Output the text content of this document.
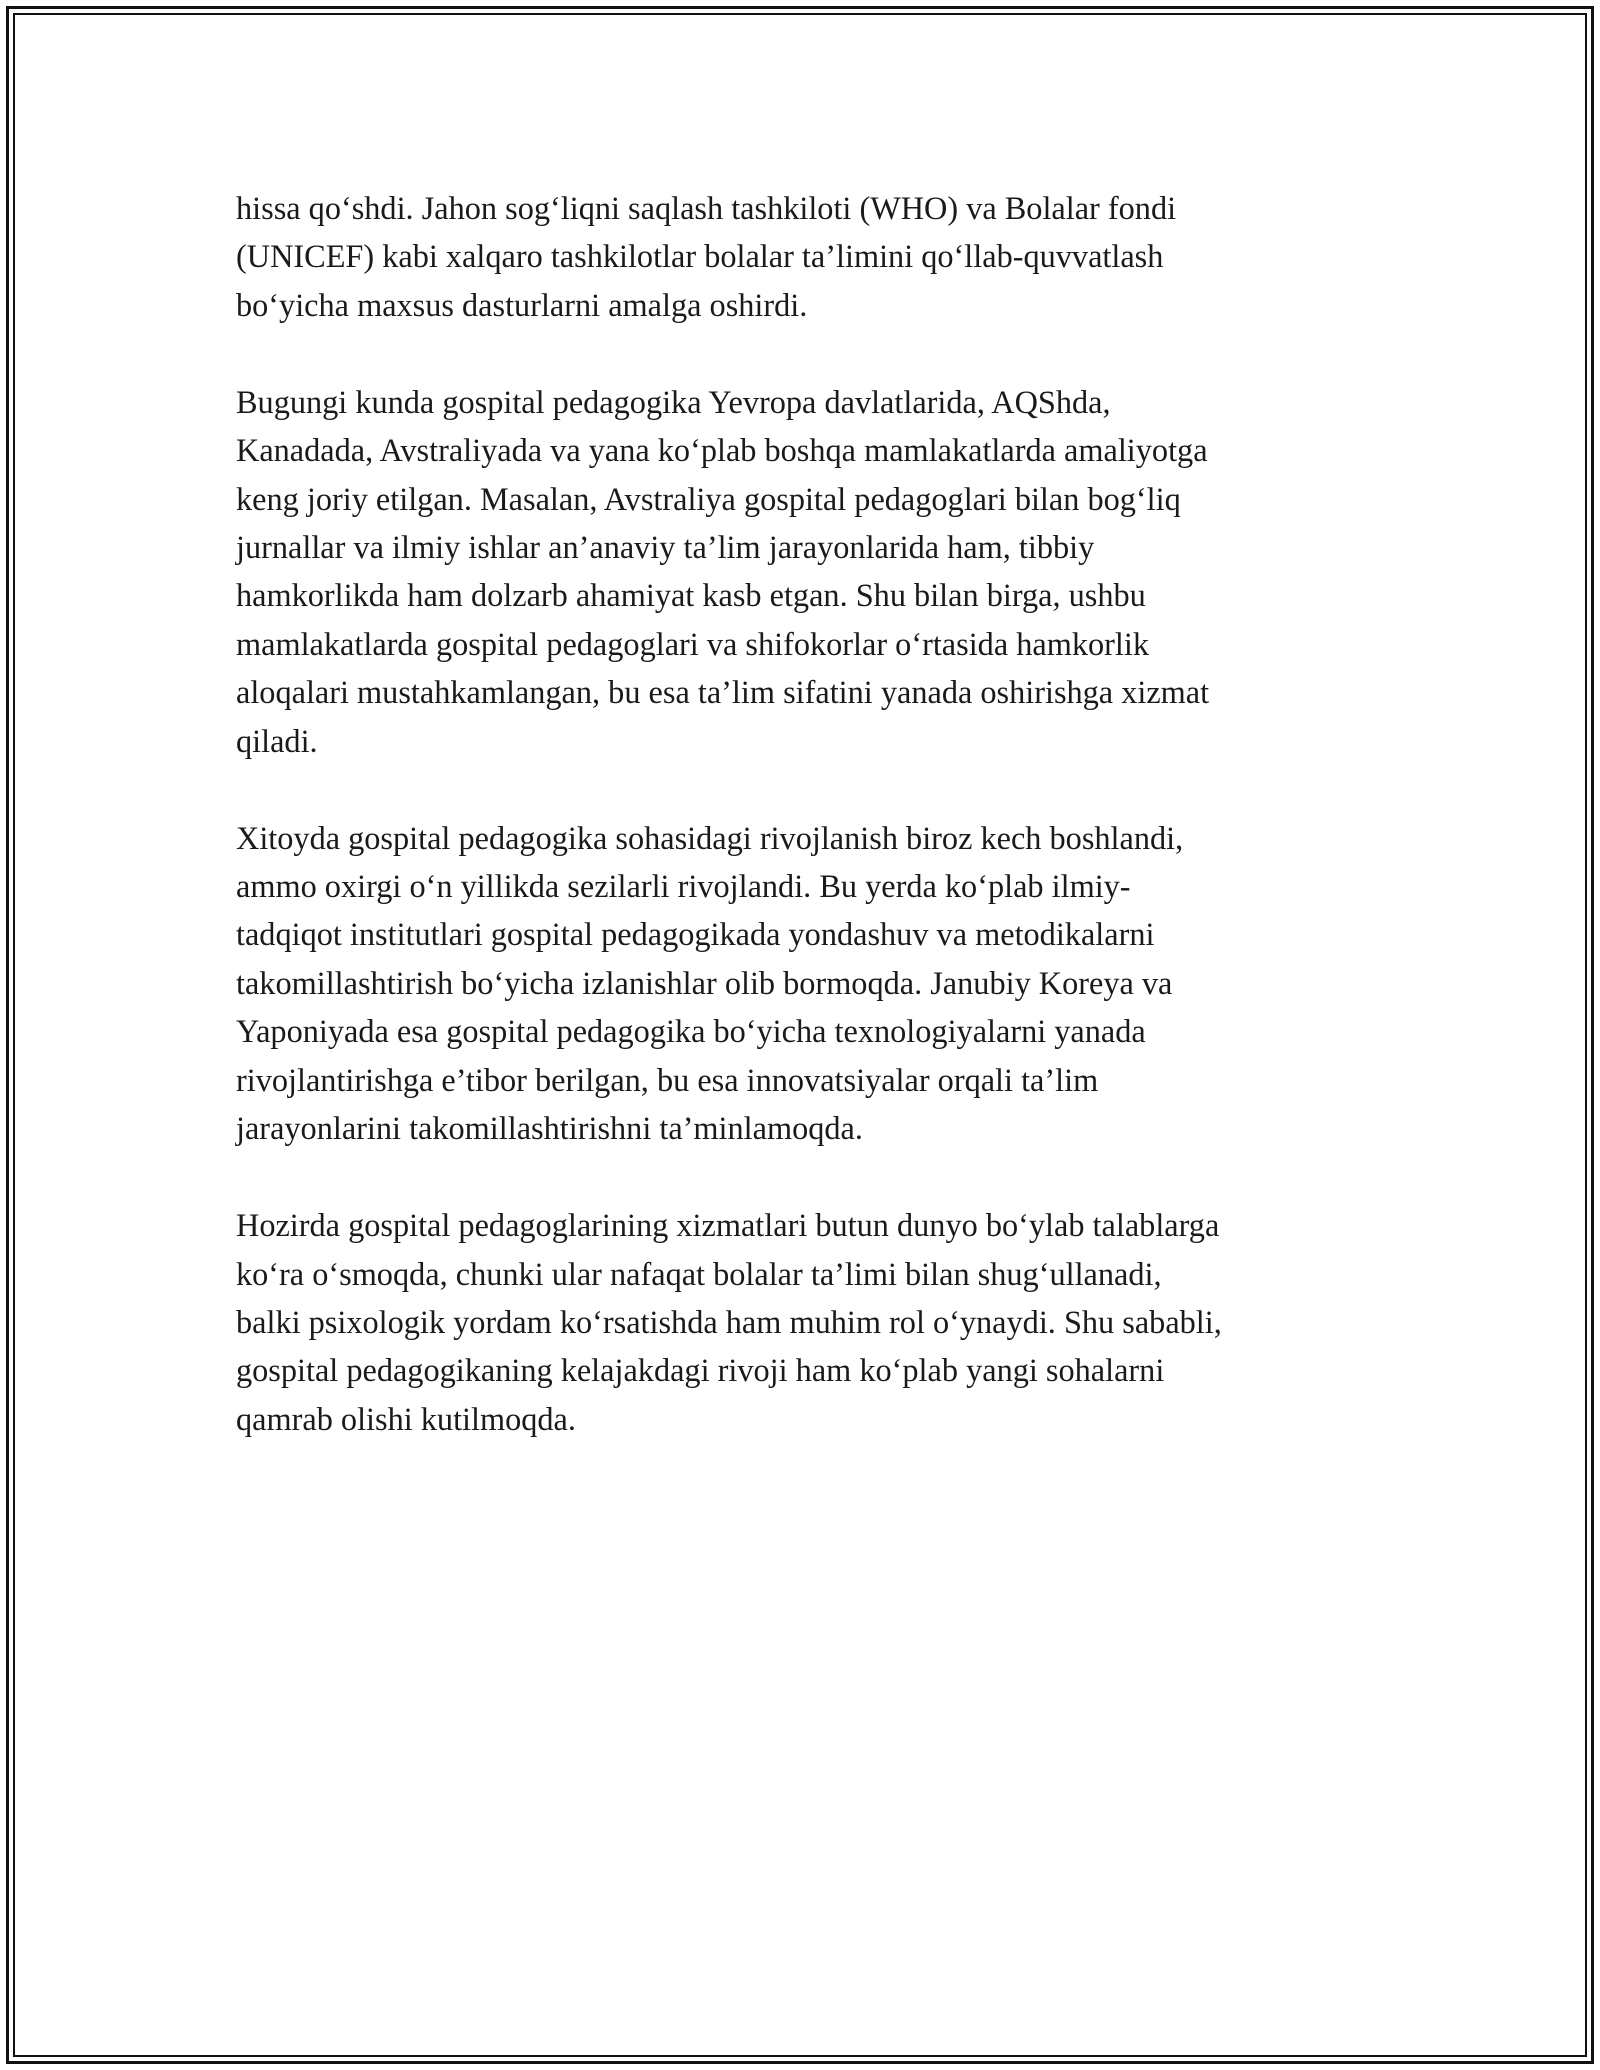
hissa qo‘shdi. Jahon sog‘liqni saqlash tashkiloti (WHO) va Bolalar fondi
(UNICEF) kabi xalqaro tashkilotlar bolalar ta’limini qo‘llab-quvvatlash
bo‘yicha maxsus dasturlarni amalga oshirdi.
Bugungi kunda gospital pedagogika Yevropa davlatlarida, AQShda,
Kanadada, Avstraliyada va yana ko‘plab boshqa mamlakatlarda amaliyotga
keng joriy etilgan. Masalan, Avstraliya gospital pedagoglari bilan bog‘liq
jurnallar va ilmiy ishlar an’anaviy ta’lim jarayonlarida ham, tibbiy
hamkorlikda ham dolzarb ahamiyat kasb etgan. Shu bilan birga, ushbu
mamlakatlarda gospital pedagoglari va shifokorlar o‘rtasida hamkorlik
aloqalari mustahkamlangan, bu esa ta’lim sifatini yanada oshirishga xizmat
qiladi.
Xitoyda gospital pedagogika sohasidagi rivojlanish biroz kech boshlandi,
ammo oxirgi o‘n yillikda sezilarli rivojlandi. Bu yerda ko‘plab ilmiy-
tadqiqot institutlari gospital pedagogikada yondashuv va metodikalarni
takomillashtirish bo‘yicha izlanishlar olib bormoqda. Janubiy Koreya va
Yaponiyada esa gospital pedagogika bo‘yicha texnologiyalarni yanada
rivojlantirishga e’tibor berilgan, bu esa innovatsiyalar orqali ta’lim
jarayonlarini takomillashtirishni ta’minlamoqda.
Hozirda gospital pedagoglarining xizmatlari butun dunyo bo‘ylab talablarga
ko‘ra o‘smoqda, chunki ular nafaqat bolalar ta’limi bilan shug‘ullanadi,
balki psixologik yordam ko‘rsatishda ham muhim rol o‘ynaydi. Shu sababli,
gospital pedagogikaning kelajakdagi rivoji ham ko‘plab yangi sohalarni
qamrab olishi kutilmoqda.
